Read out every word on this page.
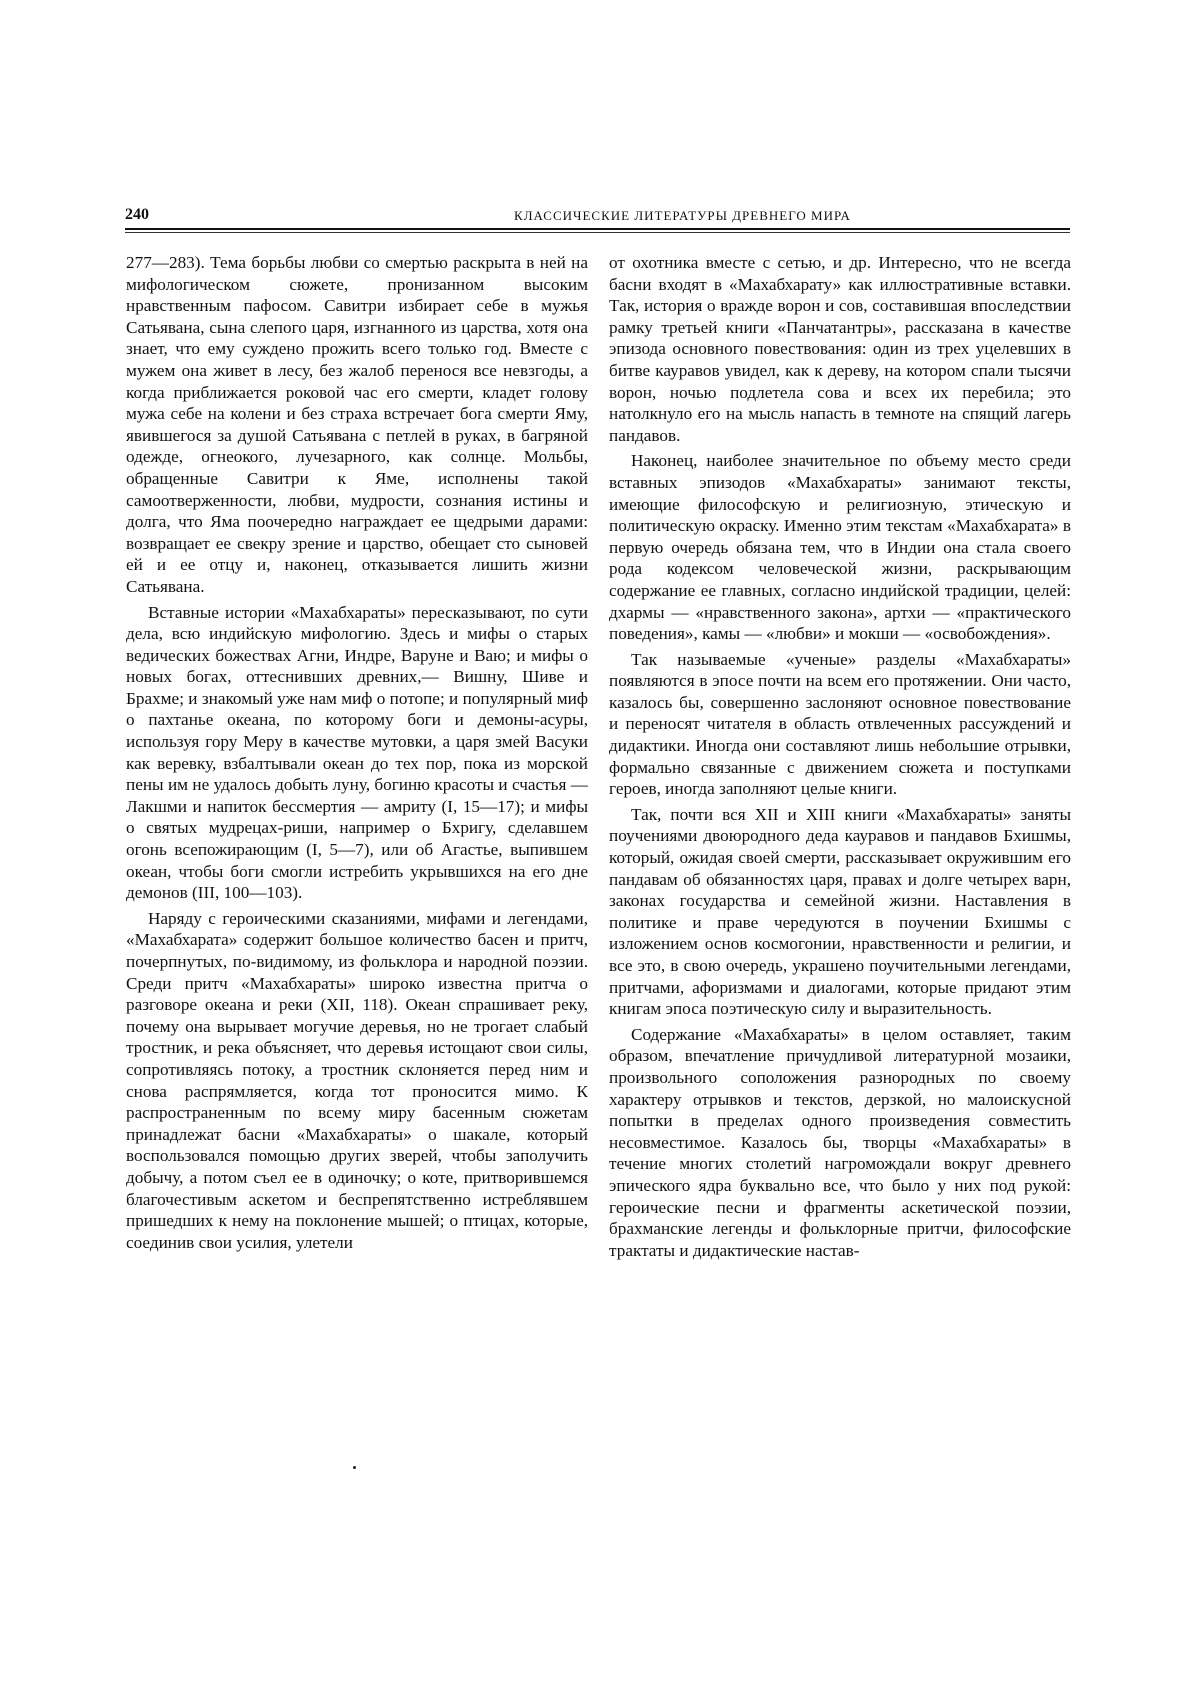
240	КЛАССИЧЕСКИЕ ЛИТЕРАТУРЫ ДРЕВНЕГО МИРА

277—283). Тема борьбы любви со смертью раскрыта в ней на мифологическом сюжете, пронизанном высоким нравственным пафосом. Савитри избирает себе в мужья Сатьявана, сына слепого царя, изгнанного из царства, хотя она знает, что ему суждено прожить всего только год. Вместе с мужем она живет в лесу, без жалоб перенося все невзгоды, а когда приближается роковой час его смерти, кладет голову мужа себе на колени и без страха встречает бога смерти Яму, явившегося за душой Сатьявана с петлей в руках, в багряной одежде, огнеокого, лучезарного, как солнце. Мольбы, обращенные Савитри к Яме, исполнены такой самоотверженности, любви, мудрости, сознания истины и долга, что Яма поочередно награждает ее щедрыми дарами: возвращает ее свекру зрение и царство, обещает сто сыновей ей и ее отцу и, наконец, отказывается лишить жизни Сатьявана.

Вставные истории «Махабхараты» пересказывают, по сути дела, всю индийскую мифологию. Здесь и мифы о старых ведических божествах Агни, Индре, Варуне и Ваю; и мифы о новых богах, оттеснивших древних,— Вишну, Шиве и Брахме; и знакомый уже нам миф о потопе; и популярный миф о пахтанье океана, по которому боги и демоны-асуры, используя гору Меру в качестве мутовки, а царя змей Васуки как веревку, взбалтывали океан до тех пор, пока из морской пены им не удалось добыть луну, богиню красоты и счастья — Лакшми и напиток бессмертия — амриту (I, 15—17); и мифы о святых мудрецах-риши, например о Бхригу, сделавшем огонь всепожирающим (I, 5—7), или об Агастье, выпившем океан, чтобы боги смогли истребить укрывшихся на его дне демонов (III, 100—103).

Наряду с героическими сказаниями, мифами и легендами, «Махабхарата» содержит большое количество басен и притч, почерпнутых, по-видимому, из фольклора и народной поэзии. Среди притч «Махабхараты» широко известна притча о разговоре океана и реки (XII, 118). Океан спрашивает реку, почему она вырывает могучие деревья, но не трогает слабый тростник, и река объясняет, что деревья истощают свои силы, сопротивляясь потоку, а тростник склоняется перед ним и снова распрямляется, когда тот проносится мимо. К распространенным по всему миру басенным сюжетам принадлежат басни «Махабхараты» о шакале, который воспользовался помощью других зверей, чтобы заполучить добычу, а потом съел ее в одиночку; о коте, притворившемся благочестивым аскетом и беспрепятственно истреблявшем пришедших к нему на поклонение мышей; о птицах, которые, соединив свои усилия, улетели

от охотника вместе с сетью, и др. Интересно, что не всегда басни входят в «Махабхарату» как иллюстративные вставки. Так, история о вражде ворон и сов, составившая впоследствии рамку третьей книги «Панчатантры», рассказана в качестве эпизода основного повествования: один из трех уцелевших в битве кауравов увидел, как к дереву, на котором спали тысячи ворон, ночью подлетела сова и всех их перебила; это натолкнуло его на мысль напасть в темноте на спящий лагерь пандавов.

Наконец, наиболее значительное по объему место среди вставных эпизодов «Махабхараты» занимают тексты, имеющие философскую и религиозную, этическую и политическую окраску. Именно этим текстам «Махабхарата» в первую очередь обязана тем, что в Индии она стала своего рода кодексом человеческой жизни, раскрывающим содержание ее главных, согласно индийской традиции, целей: дхармы — «нравственного закона», артхи — «практического поведения», камы — «любви» и мокши — «освобождения».

Так называемые «ученые» разделы «Махабхараты» появляются в эпосе почти на всем его протяжении. Они часто, казалось бы, совершенно заслоняют основное повествование и переносят читателя в область отвлеченных рассуждений и дидактики. Иногда они составляют лишь небольшие отрывки, формально связанные с движением сюжета и поступками героев, иногда заполняют целые книги.

Так, почти вся XII и XIII книги «Махабхараты» заняты поучениями двоюродного деда кауравов и пандавов Бхишмы, который, ожидая своей смерти, рассказывает окружившим его пандавам об обязанностях царя, правах и долге четырех варн, законах государства и семейной жизни. Наставления в политике и праве чередуются в поучении Бхишмы с изложением основ космогонии, нравственности и религии, и все это, в свою очередь, украшено поучительными легендами, притчами, афоризмами и диалогами, которые придают этим книгам эпоса поэтическую силу и выразительность.

Содержание «Махабхараты» в целом оставляет, таким образом, впечатление причудливой литературной мозаики, произвольного соположения разнородных по своему характеру отрывков и текстов, дерзкой, но малоискусной попытки в пределах одного произведения совместить несовместимое. Казалось бы, творцы «Махабхараты» в течение многих столетий нагромождали вокруг древнего эпического ядра буквально все, что было у них под рукой: героические песни и фрагменты аскетической поэзии, брахманские легенды и фольклорные притчи, философские трактаты и дидактические настав-
